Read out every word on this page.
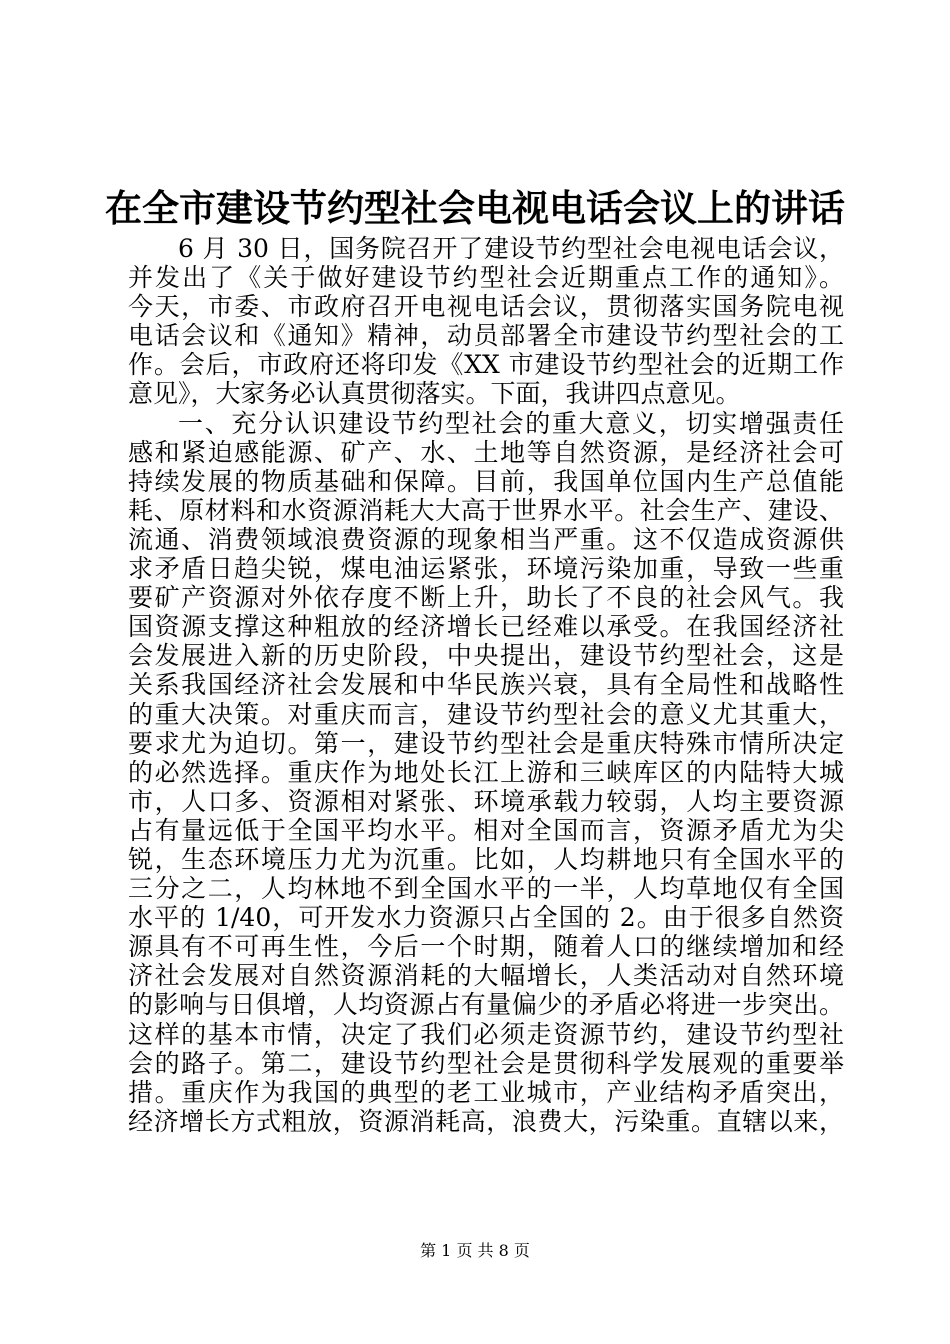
在全市建设节约型社会电视电话会议上的讲话
6 月 30 日，国务院召开了建设节约型社会电视电话会议，
并发出了《关于做好建设节约型社会近期重点工作的通知》。
今天，市委、市政府召开电视电话会议，贯彻落实国务院电视
电话会议和《通知》精神，动员部署全市建设节约型社会的工
作。会后，市政府还将印发《XX 市建设节约型社会的近期工作
意见》，大家务必认真贯彻落实。下面，我讲四点意见。
一、充分认识建设节约型社会的重大意义，切实增强责任
感和紧迫感能源、矿产、水、土地等自然资源，是经济社会可
持续发展的物质基础和保障。目前，我国单位国内生产总值能
耗、原材料和水资源消耗大大高于世界水平。社会生产、建设、
流通、消费领域浪费资源的现象相当严重。这不仅造成资源供
求矛盾日趋尖锐，煤电油运紧张，环境污染加重，导致一些重
要矿产资源对外依存度不断上升，助长了不良的社会风气。我
国资源支撑这种粗放的经济增长已经难以承受。在我国经济社
会发展进入新的历史阶段，中央提出，建设节约型社会，这是
关系我国经济社会发展和中华民族兴衰，具有全局性和战略性
的重大决策。对重庆而言，建设节约型社会的意义尤其重大，
要求尤为迫切。第一，建设节约型社会是重庆特殊市情所决定
的必然选择。重庆作为地处长江上游和三峡库区的内陆特大城
市，人口多、资源相对紧张、环境承载力较弱，人均主要资源
占有量远低于全国平均水平。相对全国而言，资源矛盾尤为尖
锐，生态环境压力尤为沉重。比如，人均耕地只有全国水平的
三分之二，人均林地不到全国水平的一半，人均草地仅有全国
水平的 1/40，可开发水力资源只占全国的 2。由于很多自然资
源具有不可再生性，今后一个时期，随着人口的继续增加和经
济社会发展对自然资源消耗的大幅增长，人类活动对自然环境
的影响与日俱增，人均资源占有量偏少的矛盾必将进一步突出。
这样的基本市情，决定了我们必须走资源节约，建设节约型社
会的路子。第二，建设节约型社会是贯彻科学发展观的重要举
措。重庆作为我国的典型的老工业城市，产业结构矛盾突出，
经济增长方式粗放，资源消耗高，浪费大，污染重。直辖以来，
第 1 页 共 8 页
